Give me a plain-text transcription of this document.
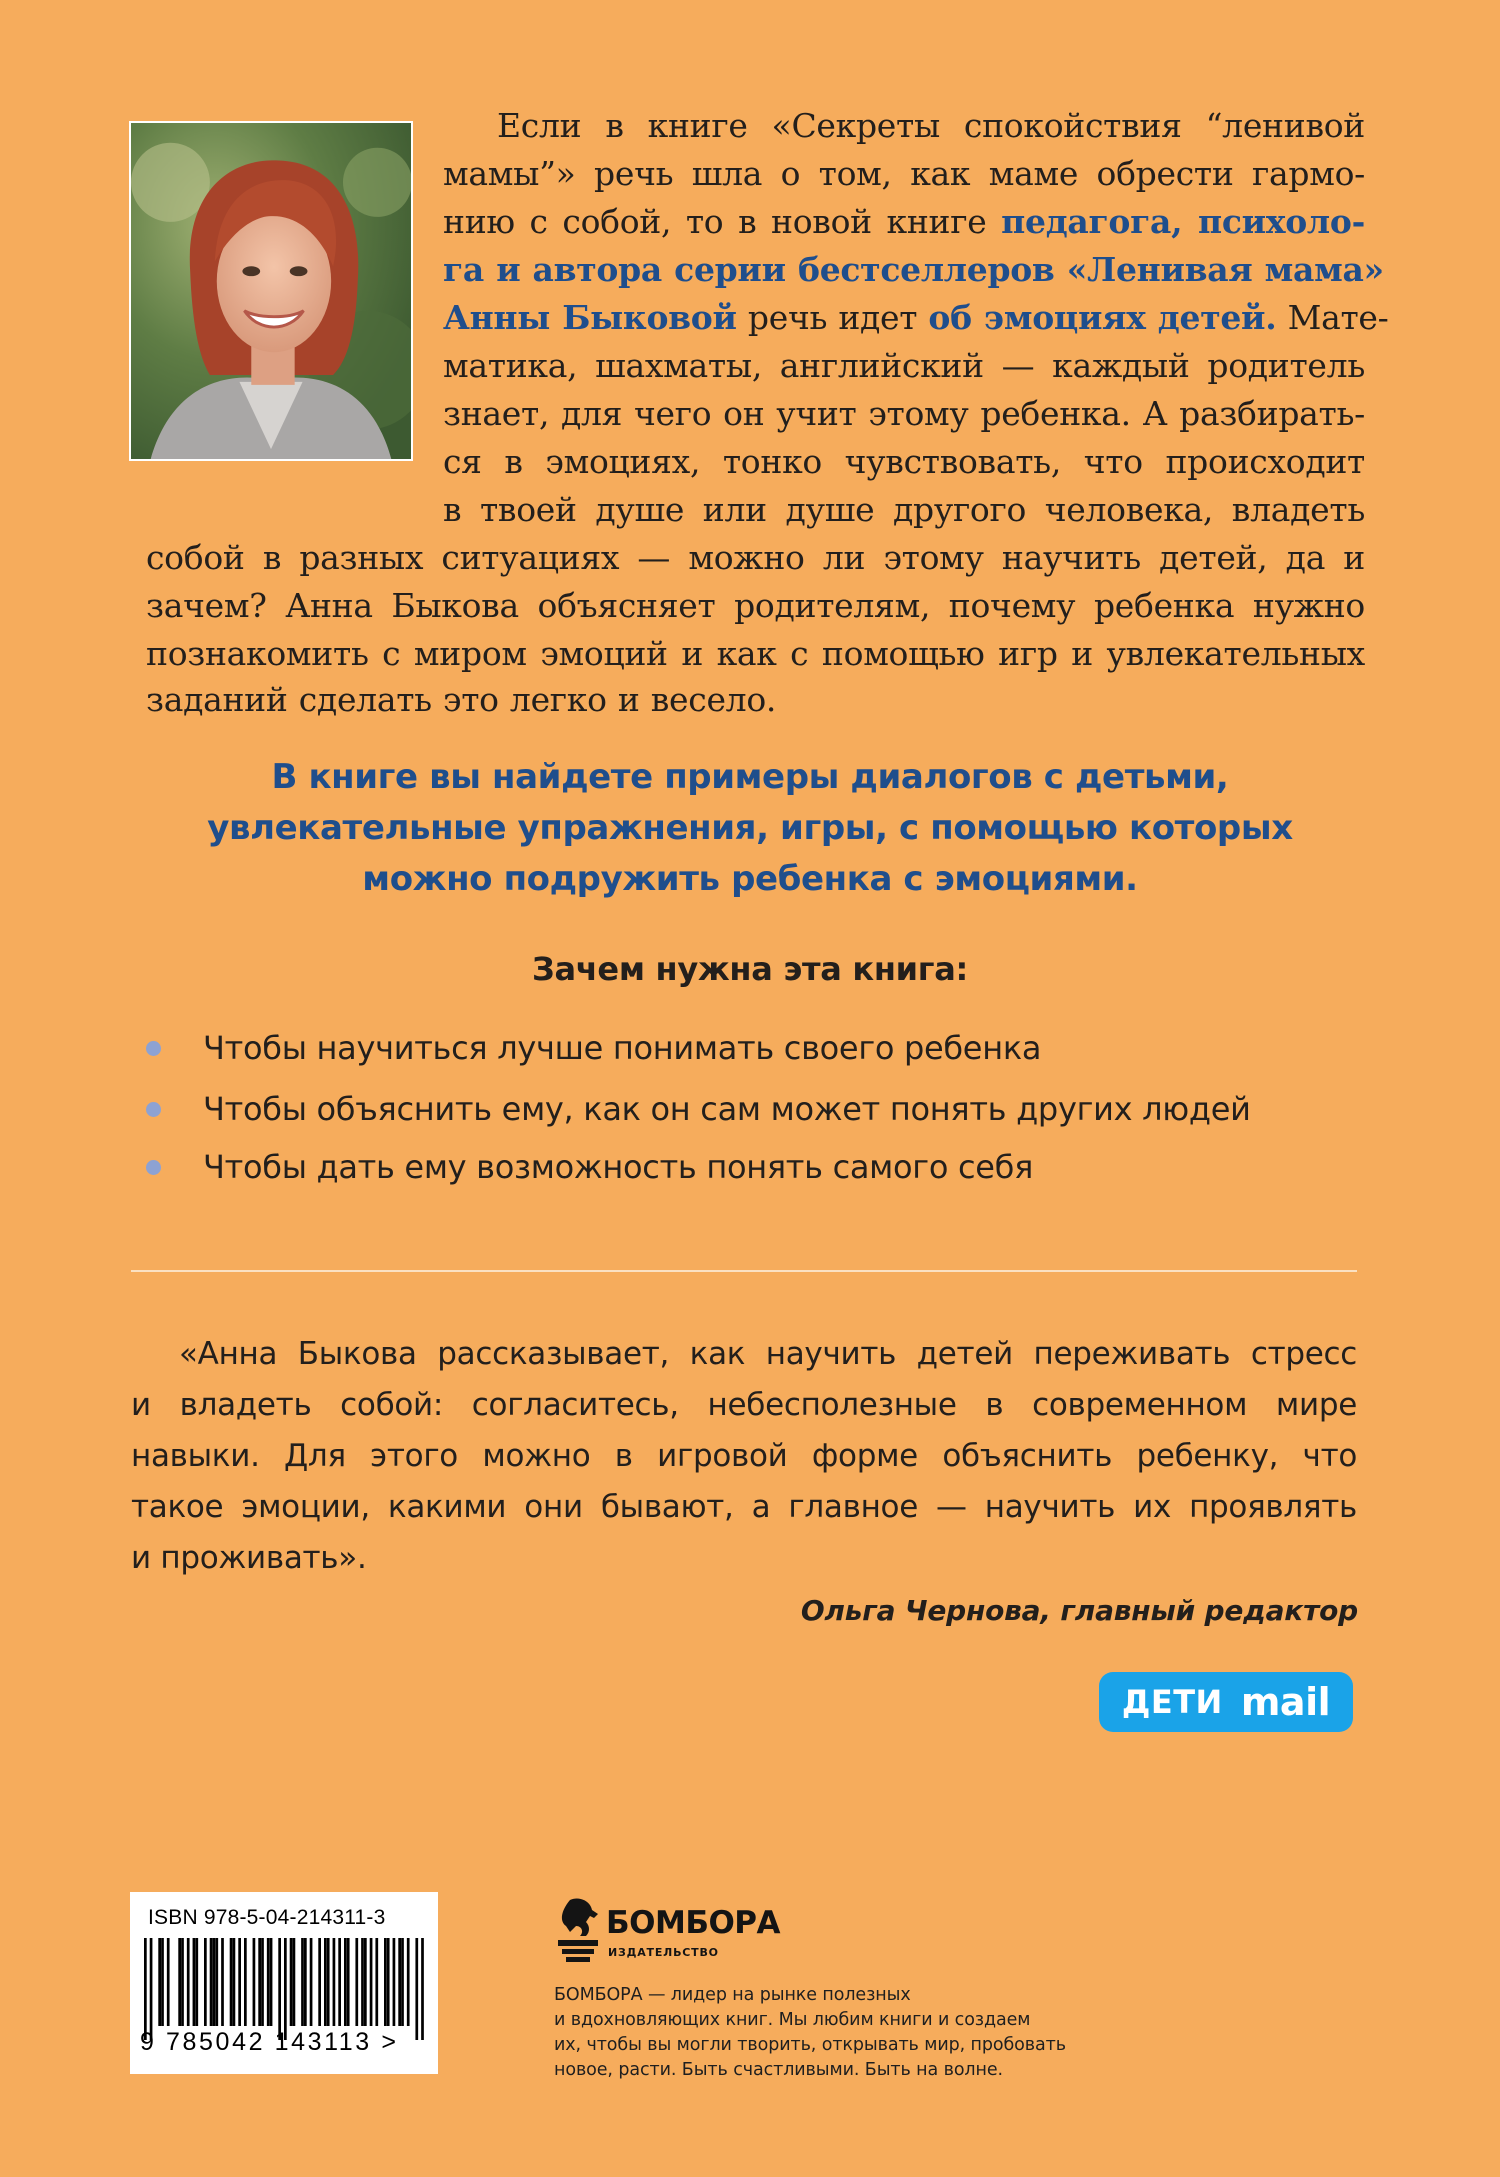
Если в книге «Секреты спокойствия “ленивой
мамы”» речь шла о том, как маме обрести гармо-
нию с собой, то в новой книге педагога, психоло-
га и автора серии бестселлеров «Ленивая мама»
Анны Быковой речь идет об эмоциях детей. Мате-
матика, шахматы, английский — каждый родитель
знает, для чего он учит этому ребенка. А разбирать-
ся в эмоциях, тонко чувствовать, что происходит
в твоей душе или душе другого человека, владеть
собой в разных ситуациях — можно ли этому научить детей, да и
зачем? Анна Быкова объясняет родителям, почему ребенка нужно
познакомить с миром эмоций и как с помощью игр и увлекательных
заданий сделать это легко и весело.
В книге вы найдете примеры диалогов с детьми,
увлекательные упражнения, игры, с помощью которых
можно подружить ребенка с эмоциями.
Зачем нужна эта книга:
Чтобы научиться лучше понимать своего ребенка
Чтобы объяснить ему, как он сам может понять других людей
Чтобы дать ему возможность понять самого себя
«Анна Быкова рассказывает, как научить детей переживать стресс
и владеть собой: согласитесь, небесполезные в современном мире
навыки. Для этого можно в игровой форме объяснить ребенку, что
такое эмоции, какими они бывают, а главное — научить их проявлять
и проживать».
Ольга Чернова, главный редактор
ДЕТИ mail
ISBN 978-5-04-214311-3
9 785042 143113 >
БОМБОРА
ИЗДАТЕЛЬСТВО
БОМБОРА — лидер на рынке полезных
и вдохновляющих книг. Мы любим книги и создаем
их, чтобы вы могли творить, открывать мир, пробовать
новое, расти. Быть счастливыми. Быть на волне.
